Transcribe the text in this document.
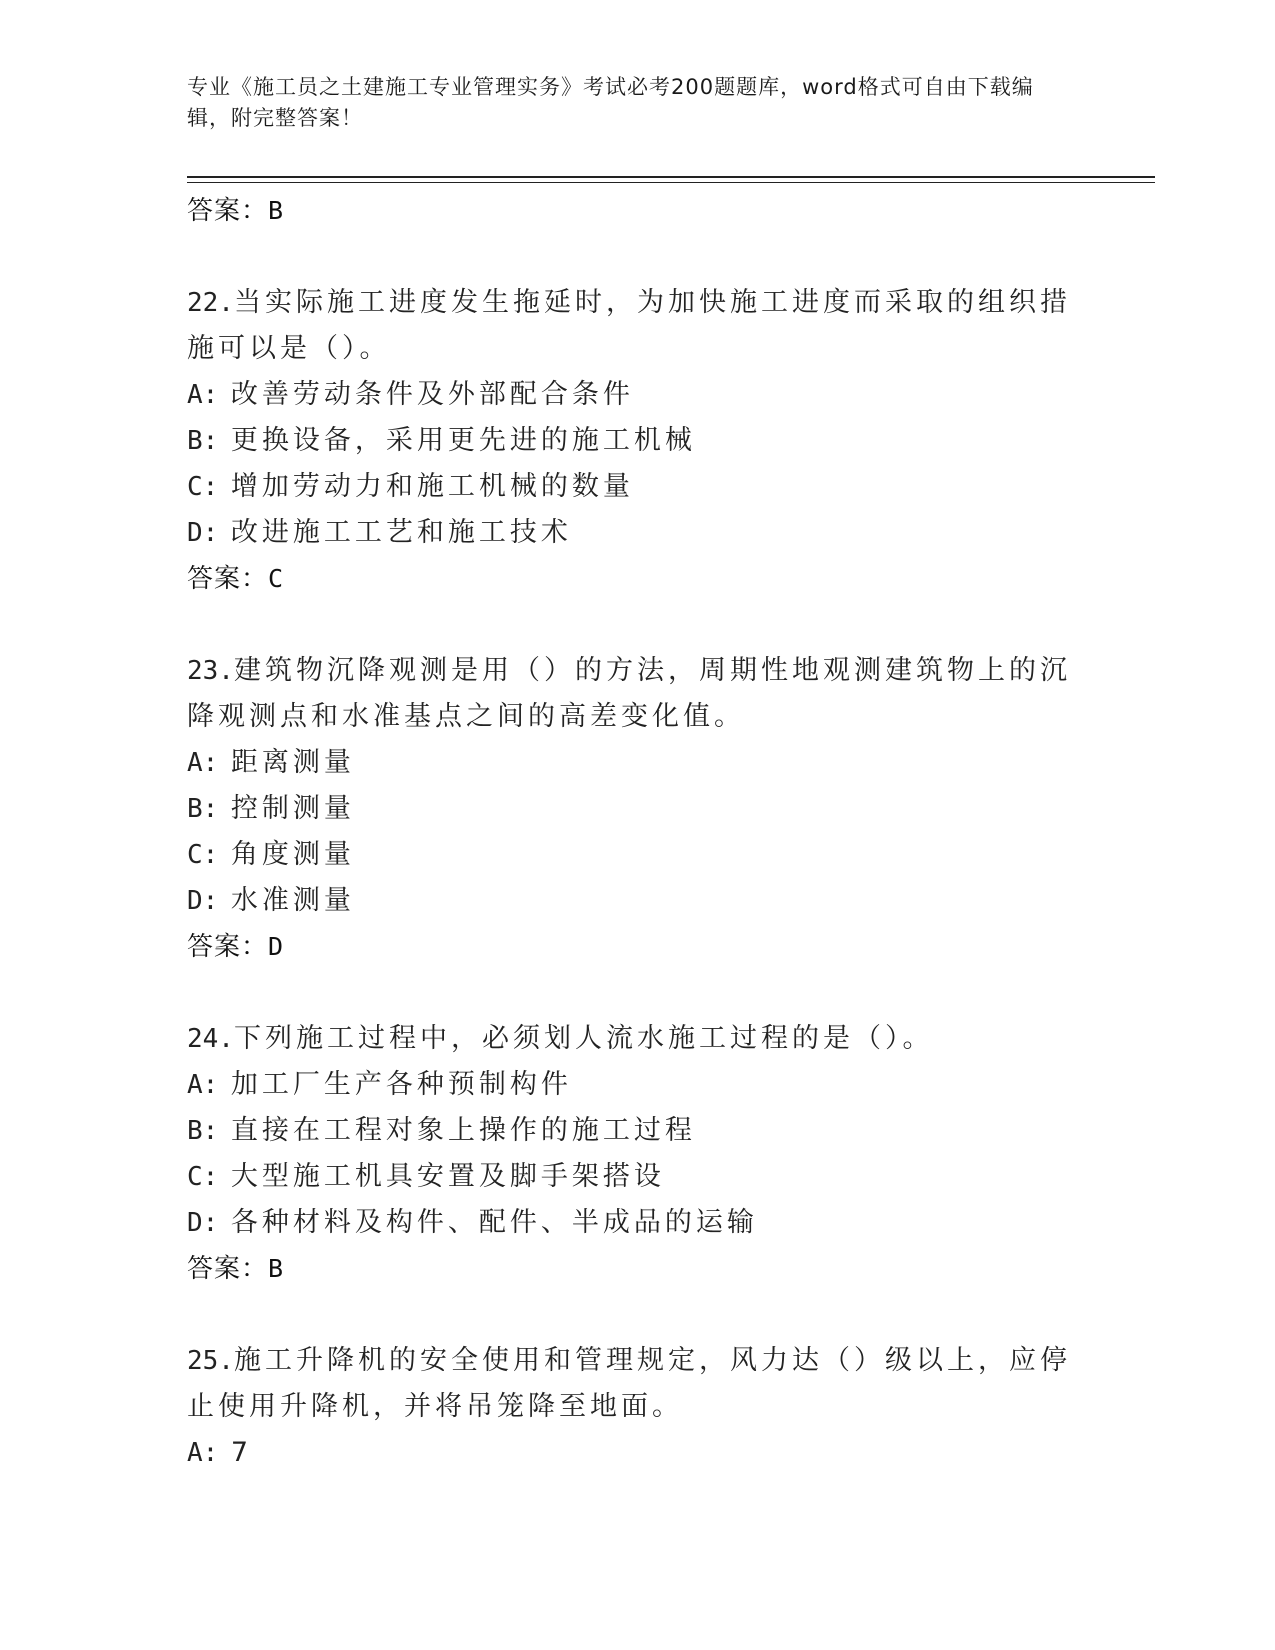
专业《施工员之土建施工专业管理实务》考试必考200题题库，word格式可自由下载编辑，附完整答案！
答案：B
22.当实际施工进度发生拖延时，为加快施工进度而采取的组织措施可以是（）。
A: 改善劳动条件及外部配合条件
B: 更换设备，采用更先进的施工机械
C: 增加劳动力和施工机械的数量
D: 改进施工工艺和施工技术
答案：C
23.建筑物沉降观测是用（）的方法，周期性地观测建筑物上的沉降观测点和水准基点之间的高差变化值。
A: 距离测量
B: 控制测量
C: 角度测量
D: 水准测量
答案：D
24.下列施工过程中，必须划人流水施工过程的是（）。
A: 加工厂生产各种预制构件
B: 直接在工程对象上操作的施工过程
C: 大型施工机具安置及脚手架搭设
D: 各种材料及构件、配件、半成品的运输
答案：B
25.施工升降机的安全使用和管理规定，风力达（）级以上，应停止使用升降机，并将吊笼降至地面。
A: 7
